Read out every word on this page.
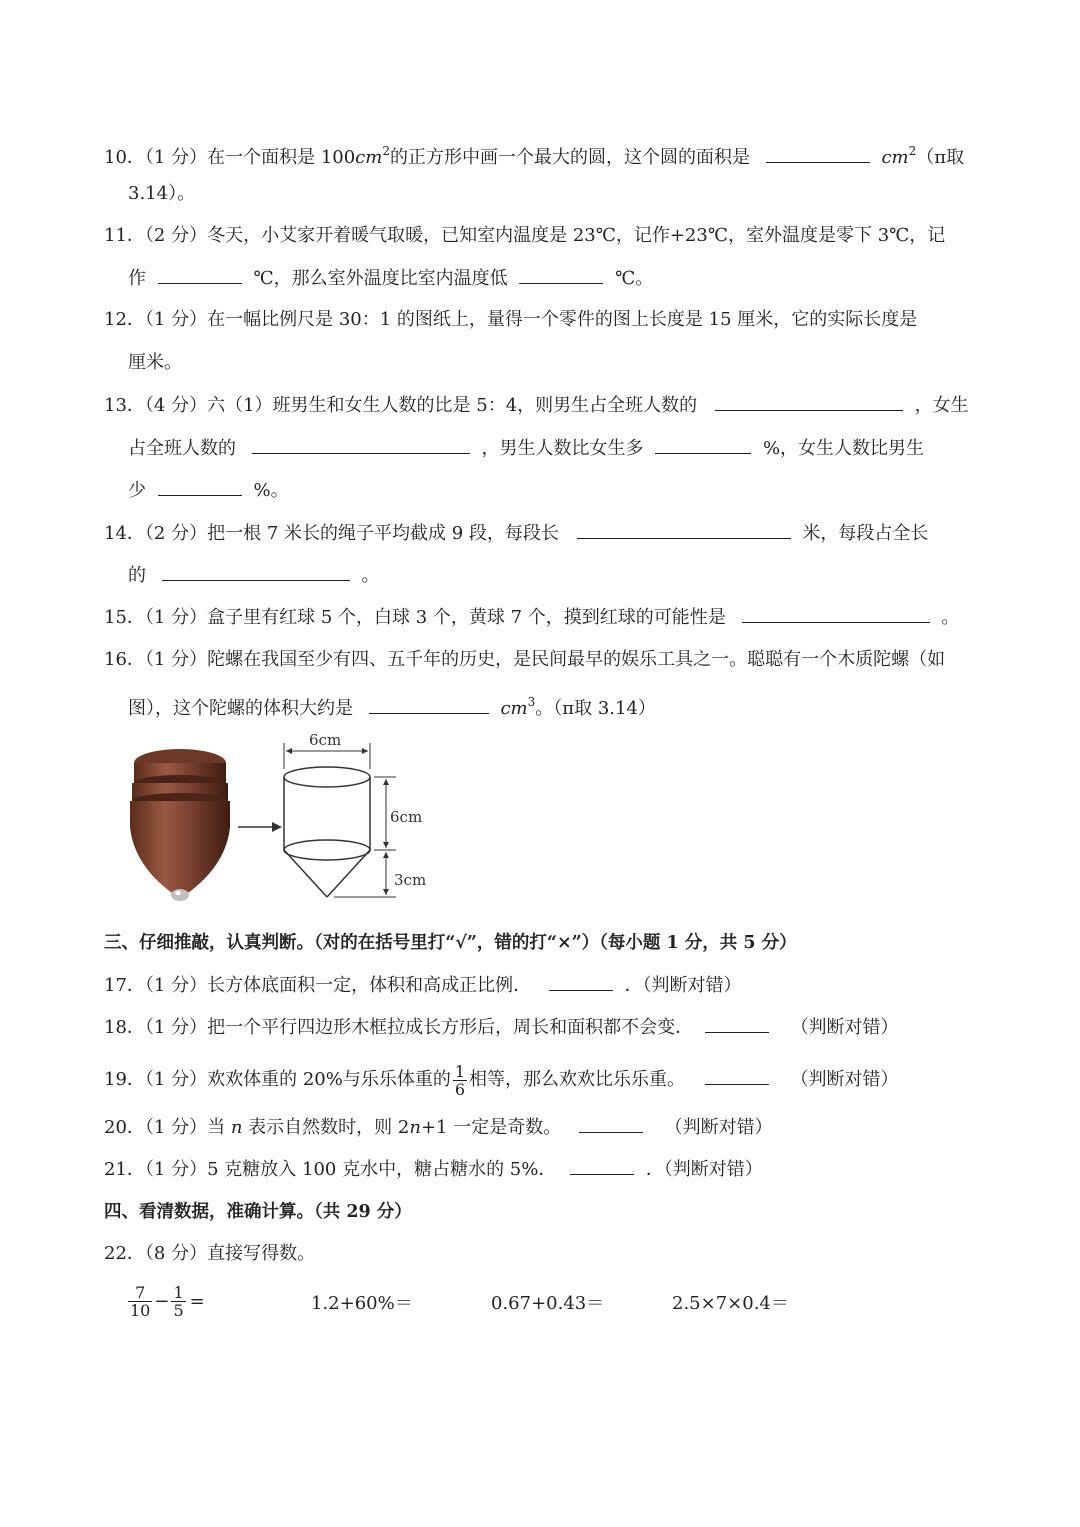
10．（1 分）在一个面积是 $100cm^2$的正方形中画一个最大的圆，这个圆的面积是	$cm^2(\pi$取
3.14）。
11．（2 分）冬天，小艾家开着暖气取暖，已知室内温度是 23℃，记作+23℃，室外温度是零下 3℃，记
作	℃，那么室外温度比室内温度低	℃。
12．（1 分）在一幅比例尺是 30：1 的图纸上，量得一个零件的图上长度是 15 厘米，它的实际长度是
厘米。
13．（4 分）六（1）班男生和女生人数的比是 5：4，则男生占全班人数的	，女生
占全班人数的	，男生人数比女生多	%，女生人数比男生
少	%。
14．（2 分）把一根 7 米长的绳子平均截成 9 段，每段长	米，每段占全长
的	。
15．（1 分）盒子里有红球 5 个，白球 3 个，黄球 7 个，摸到红球的可能性是	。
16．（1 分）陀螺在我国至少有四、五千年的历史，是民间最早的娱乐工具之一。聪聪有一个木质陀螺（如
图），这个陀螺的体积大约是	$cm^3$。（π取 3.14）
6cm
6cm
3cm
三、仔细推敲，认真判断。（对的在括号里打“√”，错的打“×”）（每小题 1 分，共 5 分）
17．（1 分）长方体底面积一定，体积和高成正比例．	．（判断对错）
18．（1 分）把一个平行四边形木框拉成长方形后，周长和面积都不会变．	（判断对错）
19．（1 分）欢欢体重的 20%与乐乐体重的 $\frac{1}{6}$ 相等，那么欢欢比乐乐重。	（判断对错）
20．（1 分）当 n 表示自然数时，则 2n+1 一定是奇数。	（判断对错）
21．（1 分）5 克糖放入 100 克水中，糖占糖水的 5%．	．（判断对错）
四、看清数据，准确计算。（共 29 分）
22．（8 分）直接写得数。
$\frac{7}{10} - \frac{1}{5}$ =	1.2+60%＝	0.67+0.43＝	2.5×7×0.4＝
